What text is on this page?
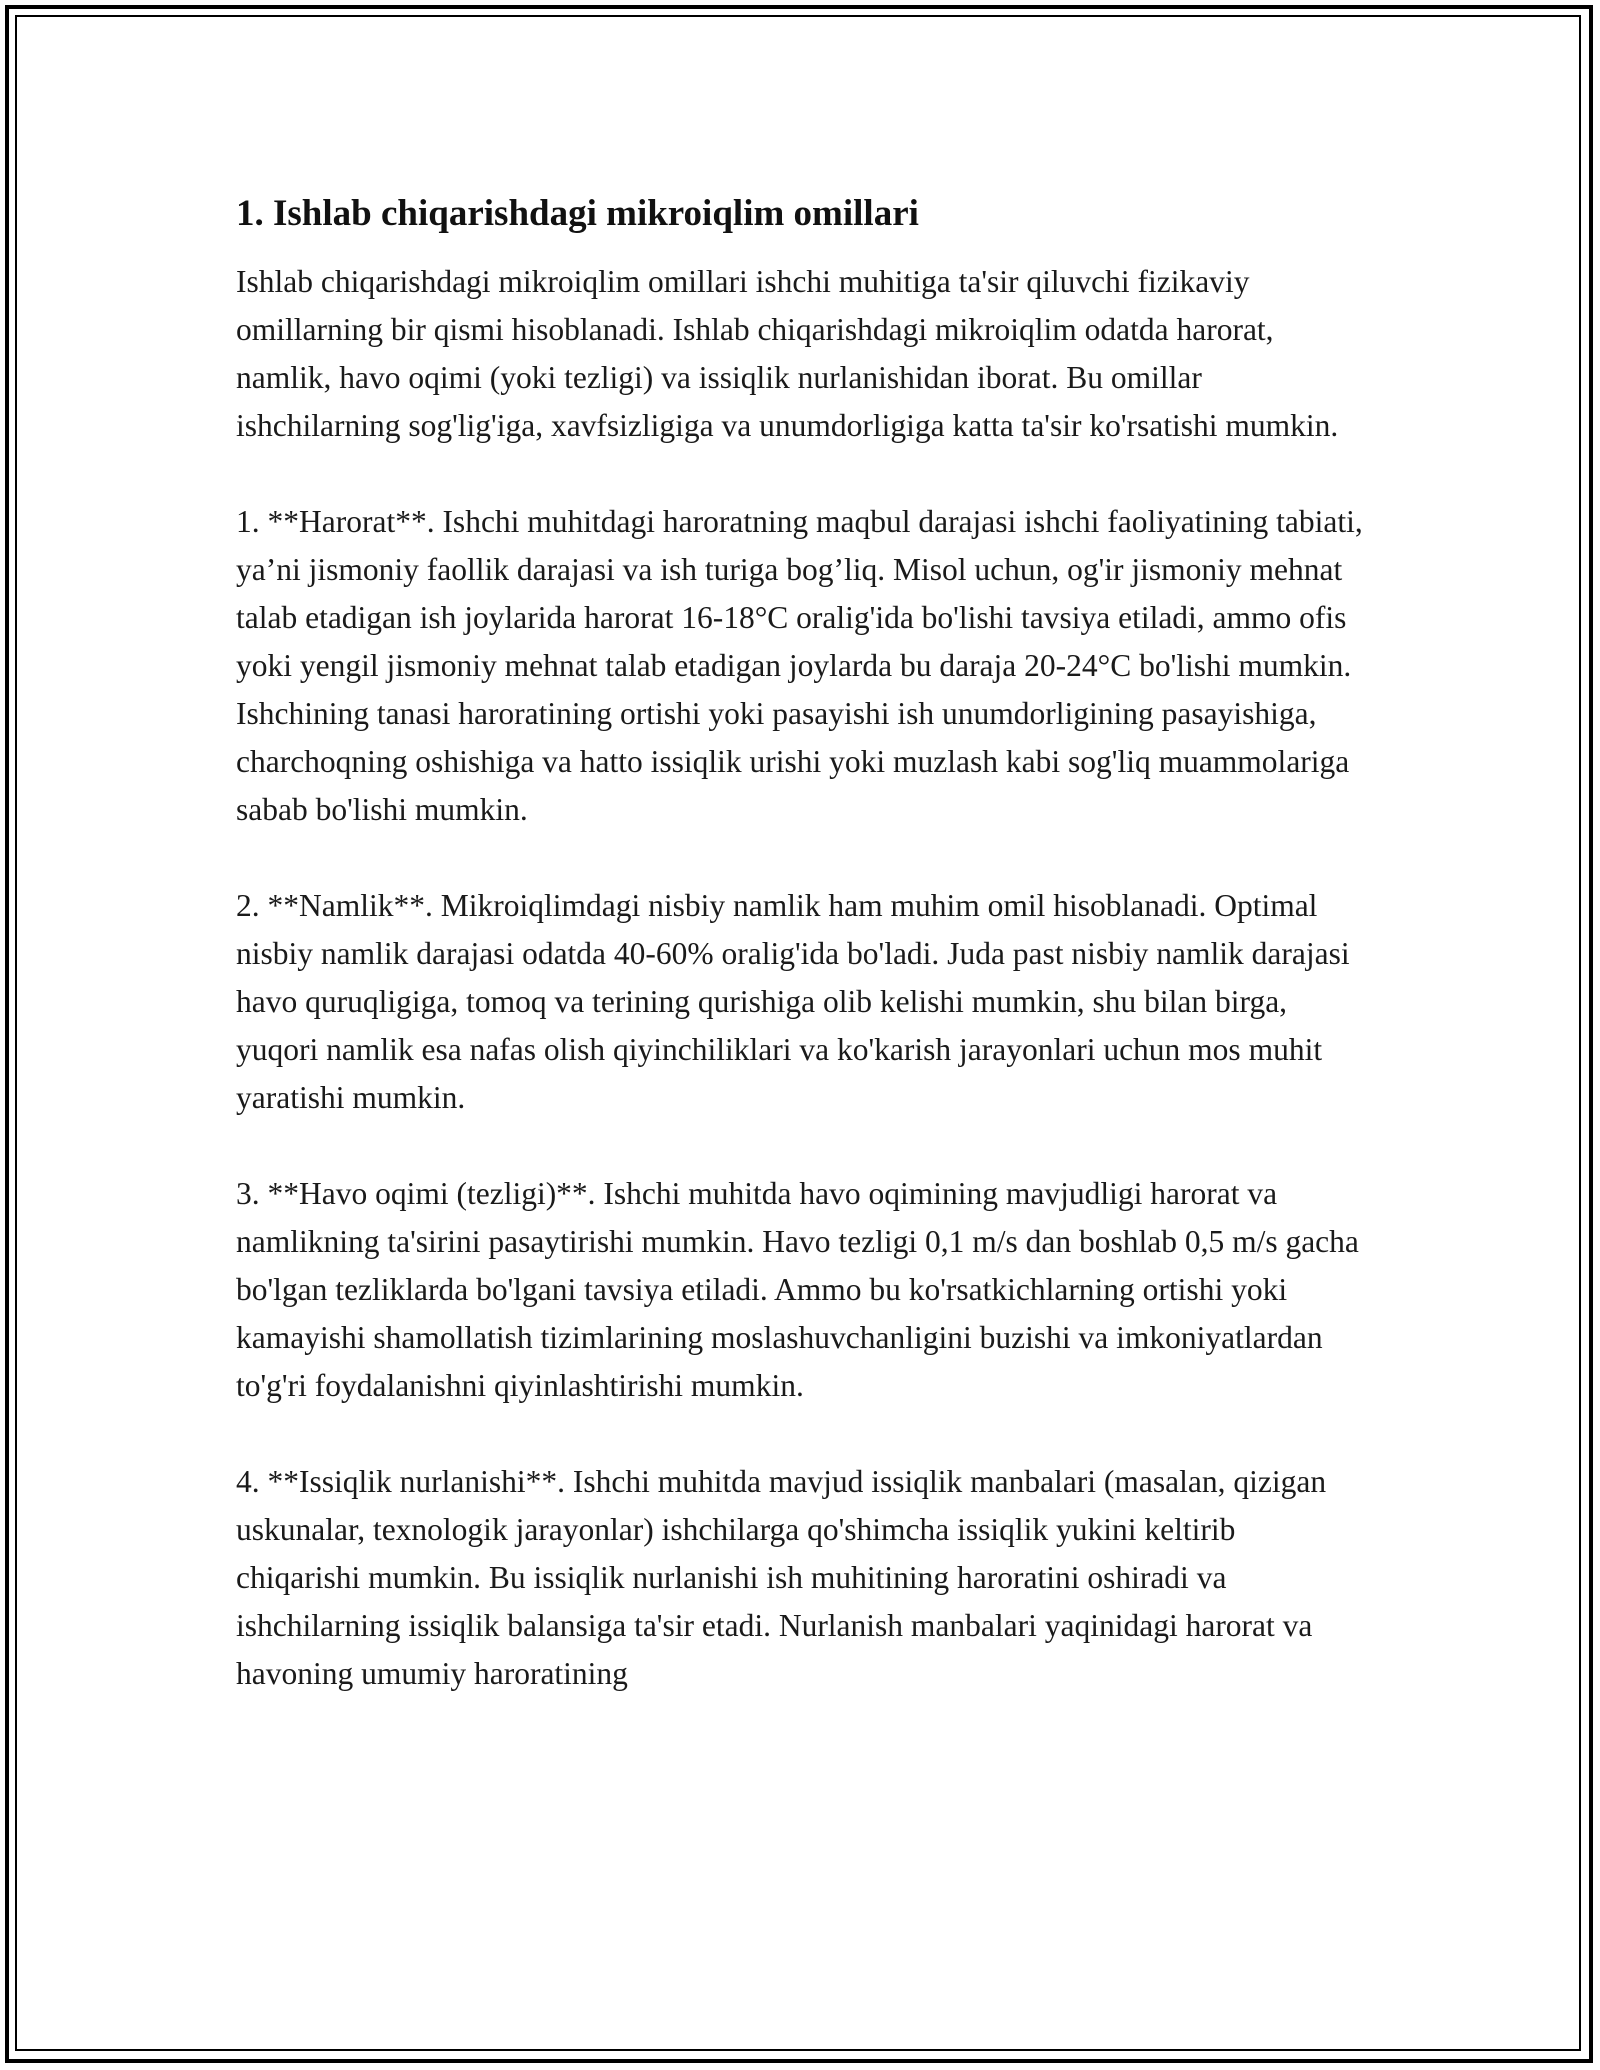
1. Ishlab chiqarishdagi mikroiqlim omillari

Ishlab chiqarishdagi mikroiqlim omillari ishchi muhitiga ta'sir qiluvchi fizikaviy omillarning bir qismi hisoblanadi. Ishlab chiqarishdagi mikroiqlim odatda harorat, namlik, havo oqimi (yoki tezligi) va issiqlik nurlanishidan iborat. Bu omillar ishchilarning sog'lig'iga, xavfsizligiga va unumdorligiga katta ta'sir ko'rsatishi mumkin.

1. **Harorat**. Ishchi muhitdagi haroratning maqbul darajasi ishchi faoliyatining tabiati, ya’ni jismoniy faollik darajasi va ish turiga bog’liq. Misol uchun, og'ir jismoniy mehnat talab etadigan ish joylarida harorat 16-18°C oralig'ida bo'lishi tavsiya etiladi, ammo ofis yoki yengil jismoniy mehnat talab etadigan joylarda bu daraja 20-24°C bo'lishi mumkin. Ishchining tanasi haroratining ortishi yoki pasayishi ish unumdorligining pasayishiga, charchoqning oshishiga va hatto issiqlik urishi yoki muzlash kabi sog'liq muammolariga sabab bo'lishi mumkin.

2. **Namlik**. Mikroiqlimdagi nisbiy namlik ham muhim omil hisoblanadi. Optimal nisbiy namlik darajasi odatda 40-60% oralig'ida bo'ladi. Juda past nisbiy namlik darajasi havo quruqligiga, tomoq va terining qurishiga olib kelishi mumkin, shu bilan birga, yuqori namlik esa nafas olish qiyinchiliklari va ko'karish jarayonlari uchun mos muhit yaratishi mumkin.

3. **Havo oqimi (tezligi)**. Ishchi muhitda havo oqimining mavjudligi harorat va namlikning ta'sirini pasaytirishi mumkin. Havo tezligi 0,1 m/s dan boshlab 0,5 m/s gacha bo'lgan tezliklarda bo'lgani tavsiya etiladi. Ammo bu ko'rsatkichlarning ortishi yoki kamayishi shamollatish tizimlarining moslashuvchanligini buzishi va imkoniyatlardan to'g'ri foydalanishni qiyinlashtirishi mumkin.

4. **Issiqlik nurlanishi**. Ishchi muhitda mavjud issiqlik manbalari (masalan, qizigan uskunalar, texnologik jarayonlar) ishchilarga qo'shimcha issiqlik yukini keltirib chiqarishi mumkin. Bu issiqlik nurlanishi ish muhitining haroratini oshiradi va ishchilarning issiqlik balansiga ta'sir etadi. Nurlanish manbalari yaqinidagi harorat va havoning umumiy haroratining
